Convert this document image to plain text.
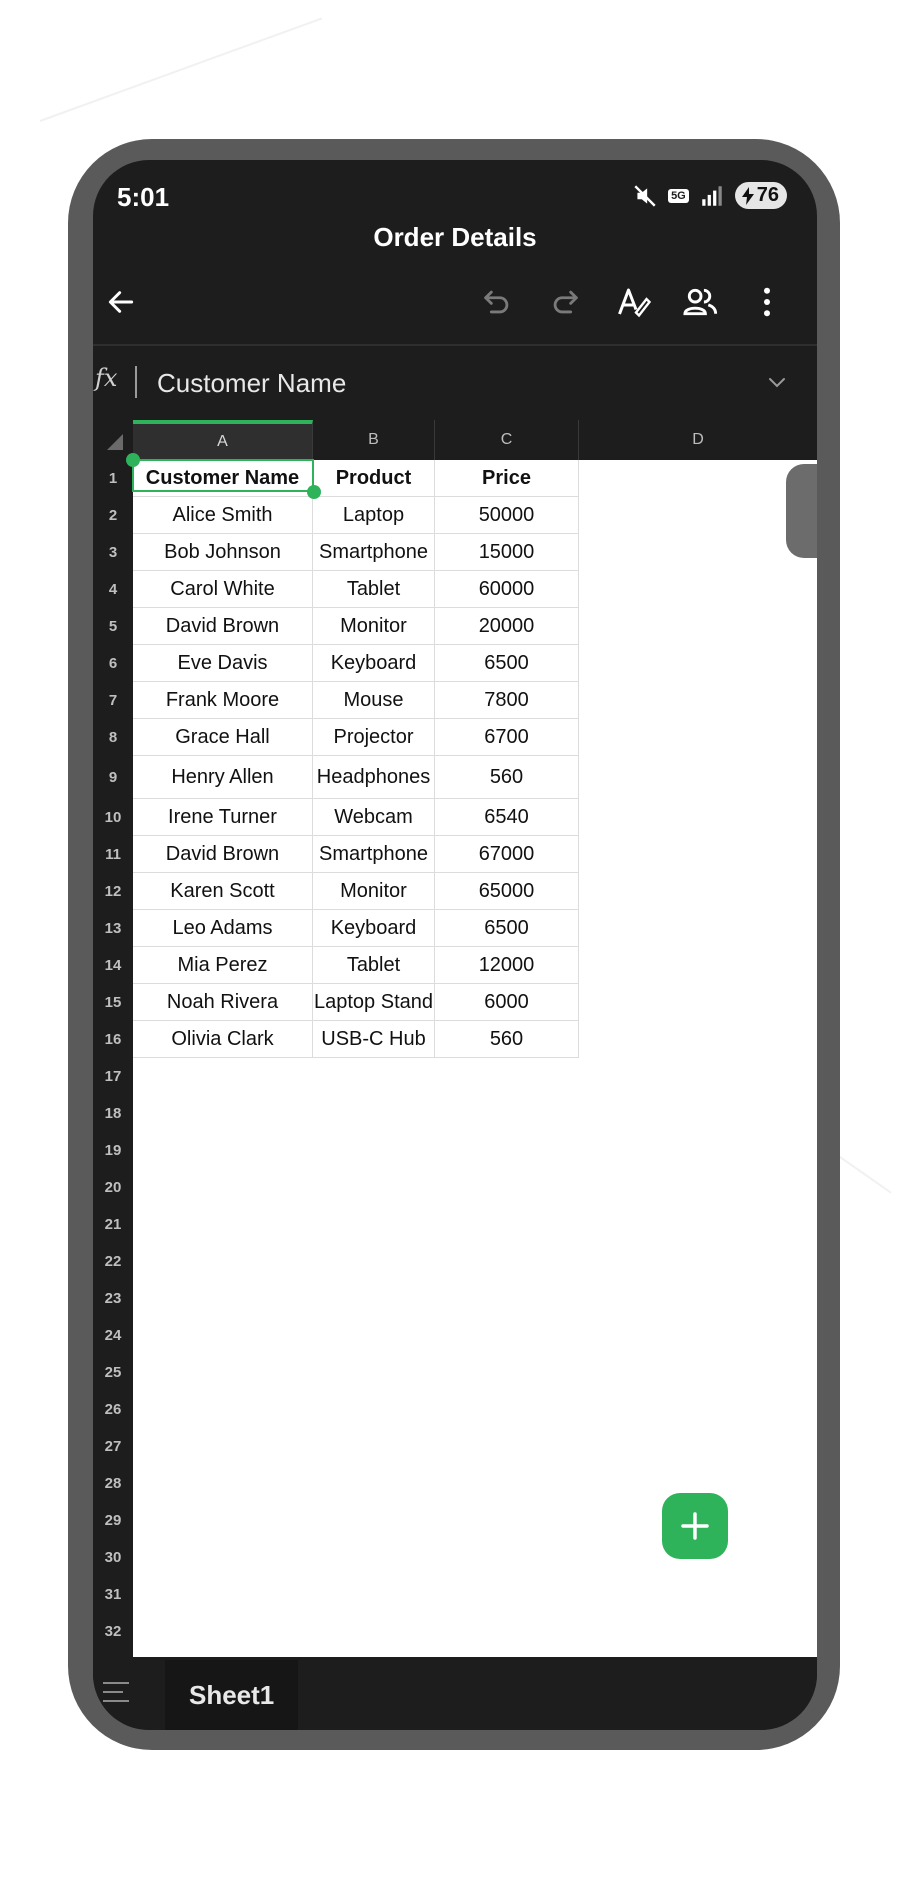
5:01	5G	76
Order Details
fx Customer Name
A	B	C	D
1
2
3
4
5
6
7
8
9
10
11
12
13
14
15
16
17
18
19
20
21
22
23
24
25
26
27
28
29
30
31
32
Customer Name	Product	Price
Alice Smith	Laptop	50000
Bob Johnson	Smartphone	15000
Carol White	Tablet	60000
David Brown	Monitor	20000
Eve Davis	Keyboard	6500
Frank Moore	Mouse	7800
Grace Hall	Projector	6700
Henry Allen	Headphones	560
Irene Turner	Webcam	6540
David Brown	Smartphone	67000
Karen Scott	Monitor	65000
Leo Adams	Keyboard	6500
Mia Perez	Tablet	12000
Noah Rivera	Laptop Stand	6000
Olivia Clark	USB-C Hub	560
Sheet1
